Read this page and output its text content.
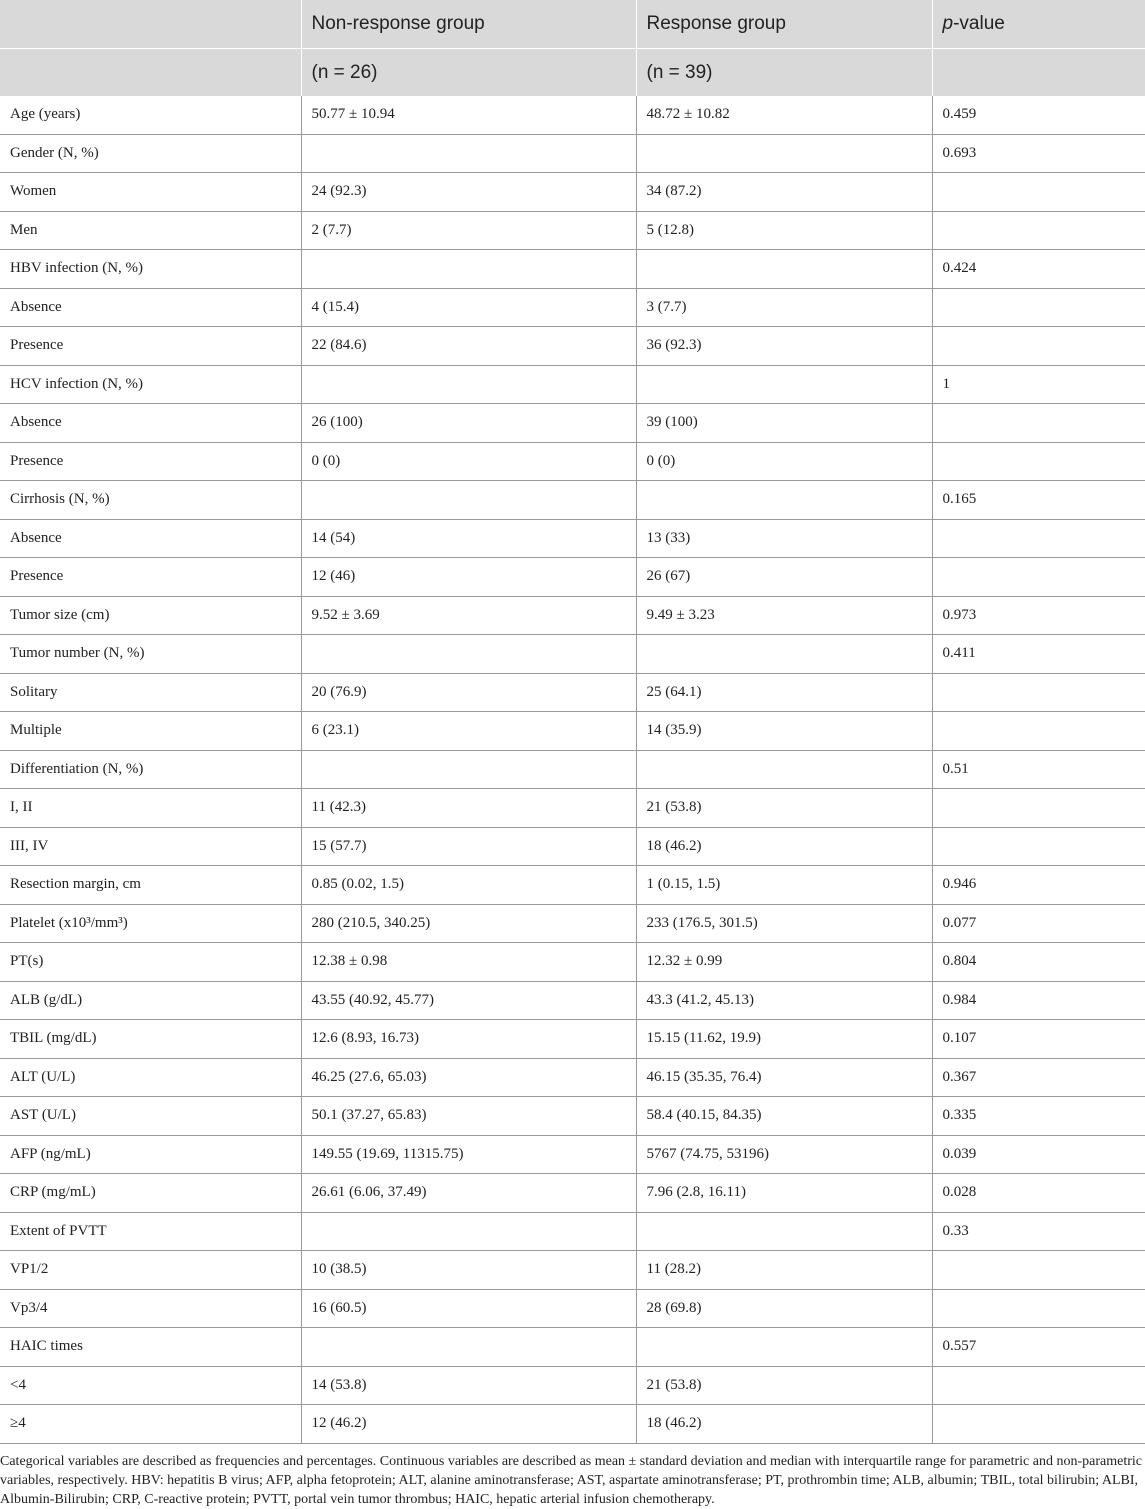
	Non-response group	Response group	p-value
	(n = 26)	(n = 39)	
Age (years)	50.77 ± 10.94	48.72 ± 10.82	0.459
Gender (N, %)			0.693
Women	24 (92.3)	34 (87.2)	
Men	2 (7.7)	5 (12.8)	
HBV infection (N, %)			0.424
Absence	4 (15.4)	3 (7.7)	
Presence	22 (84.6)	36 (92.3)	
HCV infection (N, %)			1
Absence	26 (100)	39 (100)	
Presence	0 (0)	0 (0)	
Cirrhosis (N, %)			0.165
Absence	14 (54)	13 (33)	
Presence	12 (46)	26 (67)	
Tumor size (cm)	9.52 ± 3.69	9.49 ± 3.23	0.973
Tumor number (N, %)			0.411
Solitary	20 (76.9)	25 (64.1)	
Multiple	6 (23.1)	14 (35.9)	
Differentiation (N, %)			0.51
I, II	11 (42.3)	21 (53.8)	
III, IV	15 (57.7)	18 (46.2)	
Resection margin, cm	0.85 (0.02, 1.5)	1 (0.15, 1.5)	0.946
Platelet (x10³/mm³)	280 (210.5, 340.25)	233 (176.5, 301.5)	0.077
PT(s)	12.38 ± 0.98	12.32 ± 0.99	0.804
ALB (g/dL)	43.55 (40.92, 45.77)	43.3 (41.2, 45.13)	0.984
TBIL (mg/dL)	12.6 (8.93, 16.73)	15.15 (11.62, 19.9)	0.107
ALT (U/L)	46.25 (27.6, 65.03)	46.15 (35.35, 76.4)	0.367
AST (U/L)	50.1 (37.27, 65.83)	58.4 (40.15, 84.35)	0.335
AFP (ng/mL)	149.55 (19.69, 11315.75)	5767 (74.75, 53196)	0.039
CRP (mg/mL)	26.61 (6.06, 37.49)	7.96 (2.8, 16.11)	0.028
Extent of PVTT			0.33
VP1/2	10 (38.5)	11 (28.2)	
Vp3/4	16 (60.5)	28 (69.8)	
HAIC times			0.557
<4	14 (53.8)	21 (53.8)	
≥4	12 (46.2)	18 (46.2)	

Categorical variables are described as frequencies and percentages. Continuous variables are described as mean ± standard deviation and median with interquartile range for parametric and non-parametric variables, respectively. HBV: hepatitis B virus; AFP, alpha fetoprotein; ALT, alanine aminotransferase; AST, aspartate aminotransferase; PT, prothrombin time; ALB, albumin; TBIL, total bilirubin; ALBI, Albumin-Bilirubin; CRP, C-reactive protein; PVTT, portal vein tumor thrombus; HAIC, hepatic arterial infusion chemotherapy.
